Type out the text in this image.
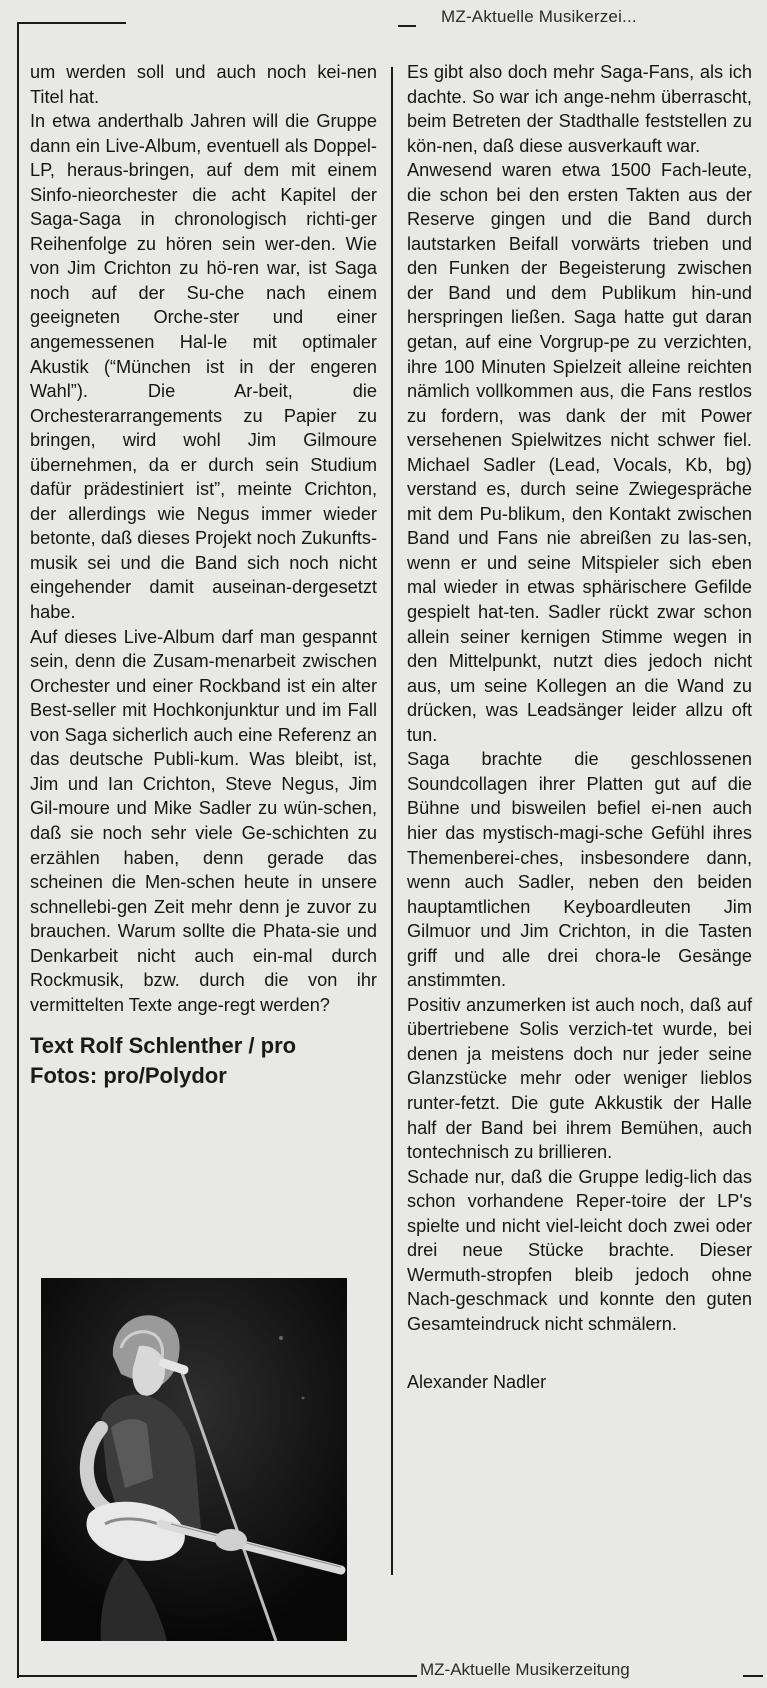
MZ-Aktuelle Musikerzei...
MZ-Aktuelle Musikerzeitung

um werden soll und auch noch kei-nen Titel hat.

In etwa anderthalb Jahren will die Gruppe dann ein Live-Album, eventuell als Doppel-LP, heraus-bringen, auf dem mit einem Sinfo-nieorchester die acht Kapitel der Saga-Saga in chronologisch richti-ger Reihenfolge zu hören sein wer-den. Wie von Jim Crichton zu hö-ren war, ist Saga noch auf der Su-che nach einem geeigneten Orche-ster und einer angemessenen Hal-le mit optimaler Akustik (“München ist in der engeren Wahl”). Die Ar-beit, die Orchesterarrangements zu Papier zu bringen, wird wohl Jim Gilmoure übernehmen, da er durch sein Studium dafür prädestiniert ist”, meinte Crichton, der allerdings wie Negus immer wieder betonte, daß dieses Projekt noch Zukunfts-musik sei und die Band sich noch nicht eingehender damit auseinan-dergesetzt habe.

Auf dieses Live-Album darf man gespannt sein, denn die Zusam-menarbeit zwischen Orchester und einer Rockband ist ein alter Best-seller mit Hochkonjunktur und im Fall von Saga sicherlich auch eine Referenz an das deutsche Publi-kum. Was bleibt, ist, Jim und Ian Crichton, Steve Negus, Jim Gil-moure und Mike Sadler zu wün-schen, daß sie noch sehr viele Ge-schichten zu erzählen haben, denn gerade das scheinen die Men-schen heute in unsere schnellebi-gen Zeit mehr denn je zuvor zu brauchen. Warum sollte die Phata-sie und Denkarbeit nicht auch ein-mal durch Rockmusik, bzw. durch die von ihr vermittelten Texte ange-regt werden?

Text Rolf Schlenther / pro
Fotos: pro/Polydor

Es gibt also doch mehr Saga-Fans, als ich dachte. So war ich ange-nehm überrascht, beim Betreten der Stadthalle feststellen zu kön-nen, daß diese ausverkauft war.

Anwesend waren etwa 1500 Fach-leute, die schon bei den ersten Takten aus der Reserve gingen und die Band durch lautstarken Beifall vorwärts trieben und den Funken der Begeisterung zwischen der Band und dem Publikum hin-und herspringen ließen. Saga hatte gut daran getan, auf eine Vorgrup-pe zu verzichten, ihre 100 Minuten Spielzeit alleine reichten nämlich vollkommen aus, die Fans restlos zu fordern, was dank der mit Power versehenen Spielwitzes nicht schwer fiel. Michael Sadler (Lead, Vocals, Kb, bg) verstand es, durch seine Zwiegespräche mit dem Pu-blikum, den Kontakt zwischen Band und Fans nie abreißen zu las-sen, wenn er und seine Mitspieler sich eben mal wieder in etwas sphärischere Gefilde gespielt hat-ten. Sadler rückt zwar schon allein seiner kernigen Stimme wegen in den Mittelpunkt, nutzt dies jedoch nicht aus, um seine Kollegen an die Wand zu drücken, was Leadsänger leider allzu oft tun.

Saga brachte die geschlossenen Soundcollagen ihrer Platten gut auf die Bühne und bisweilen befiel ei-nen auch hier das mystisch-magi-sche Gefühl ihres Themenberei-ches, insbesondere dann, wenn auch Sadler, neben den beiden hauptamtlichen Keyboardleuten Jim Gilmuor und Jim Crichton, in die Tasten griff und alle drei chora-le Gesänge anstimmten.

Positiv anzumerken ist auch noch, daß auf übertriebene Solis verzich-tet wurde, bei denen ja meistens doch nur jeder seine Glanzstücke mehr oder weniger lieblos runter-fetzt. Die gute Akkustik der Halle half der Band bei ihrem Bemühen, auch tontechnisch zu brillieren.

Schade nur, daß die Gruppe ledig-lich das schon vorhandene Reper-toire der LP's spielte und nicht viel-leicht doch zwei oder drei neue Stücke brachte. Dieser Wermuth-stropfen bleib jedoch ohne Nach-geschmack und konnte den guten Gesamteindruck nicht schmälern.

Alexander Nadler
